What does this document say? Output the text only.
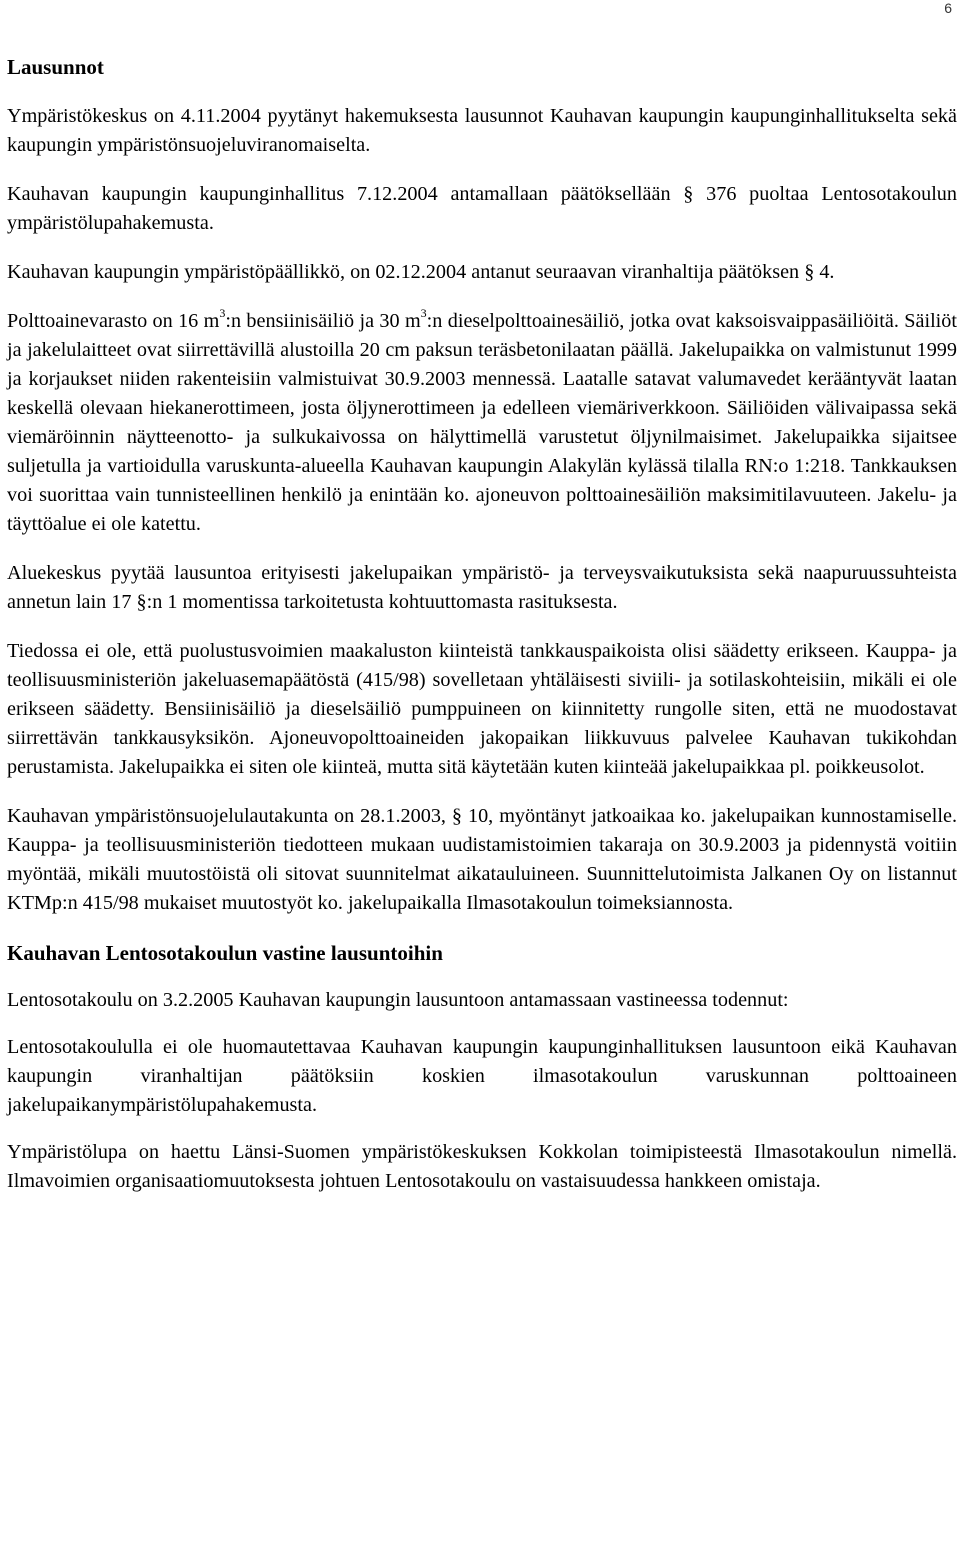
6
Lausunnot

Ympäristökeskus on 4.11.2004 pyytänyt hakemuksesta lausunnot Kauhavan kaupungin kaupunginhallitukselta sekä kaupungin ympäristönsuojeluviranomaiselta.

Kauhavan kaupungin kaupunginhallitus 7.12.2004 antamallaan päätöksellään § 376 puoltaa Lentosotakoulun ympäristölupahakemusta.

Kauhavan kaupungin ympäristöpäällikkö, on 02.12.2004 antanut seuraavan viranhaltija päätöksen § 4.

Polttoainevarasto on 16 $m^3:n$ bensiinisäiliö ja 30 $m^3:n$ dieselpolttoainesäiliö, jotka ovat kaksoisvaippasäiliöitä. Säiliöt ja jakelulaitteet ovat siirrettävillä alustoilla 20 cm paksun teräsbetonilaatan päällä. Jakelupaikka on valmistunut 1999 ja korjaukset niiden rakenteisiin valmistuivat 30.9.2003 mennessä. Laatalle satavat valumavedet kerääntyvät laatan keskellä olevaan hiekanerottimeen, josta öljynerottimeen ja edelleen viemäriverkkoon. Säiliöiden välivaipassa sekä viemäröinnin näytteenotto- ja sulkukaivossa on hälyttimellä varustetut öljynilmaisimet. Jakelupaikka sijaitsee suljetulla ja vartioidulla varuskunta-alueella Kauhavan kaupungin Alakylän kylässä tilalla RN:o 1:218. Tankkauksen voi suorittaa vain tunnisteellinen henkilö ja enintään ko. ajoneuvon polttoainesäiliön maksimitilavuuteen. Jakelu- ja täyttöalue ei ole katettu.

Aluekeskus pyytää lausuntoa erityisesti jakelupaikan ympäristö- ja terveysvaikutuksista sekä naapuruussuhteista annetun lain 17 §:n 1 momentissa tarkoitetusta kohtuuttomasta rasituksesta.

Tiedossa ei ole, että puolustusvoimien maakaluston kiinteistä tankkauspaikoista olisi säädetty erikseen. Kauppa- ja teollisuusministeriön jakeluasemapäätöstä (415/98) sovelletaan yhtäläisesti siviili- ja sotilaskohteisiin, mikäli ei ole erikseen säädetty. Bensiinisäiliö ja dieselsäiliö pumppuineen on kiinnitetty rungolle siten, että ne muodostavat siirrettävän tankkausyksikön. Ajoneuvopolttoaineiden jakopaikan liikkuvuus palvelee Kauhavan tukikohdan perustamista. Jakelupaikka ei siten ole kiinteä, mutta sitä käytetään kuten kiinteää jakelupaikkaa pl. poikkeusolot.

Kauhavan ympäristönsuojelulautakunta on 28.1.2003, § 10, myöntänyt jatkoaikaa ko. jakelupaikan kunnostamiselle. Kauppa- ja teollisuusministeriön tiedotteen mukaan uudistamistoimien takaraja on 30.9.2003 ja pidennystä voitiin myöntää, mikäli muutostöistä oli sitovat suunnitelmat aikatauluineen. Suunnittelutoimista Jalkanen Oy on listannut KTMp:n 415/98 mukaiset muutostyöt ko. jakelupaikalla Ilmasotakoulun toimeksiannosta.

Kauhavan Lentosotakoulun vastine lausuntoihin

Lentosotakoulu on 3.2.2005 Kauhavan kaupungin lausuntoon antamassaan vastineessa todennut:

Lentosotakoululla ei ole huomautettavaa Kauhavan kaupungin kaupunginhallituksen lausuntoon eikä Kauhavan kaupungin viranhaltijan päätöksiin koskien ilmasotakoulun varuskunnan polttoaineen jakelupaikanympäristölupahakemusta.

Ympäristölupa on haettu Länsi-Suomen ympäristökeskuksen Kokkolan toimipisteestä Ilmasotakoulun nimellä. Ilmavoimien organisaatiomuutoksesta johtuen Lentosotakoulu on vastaisuudessa hankkeen omistaja.
